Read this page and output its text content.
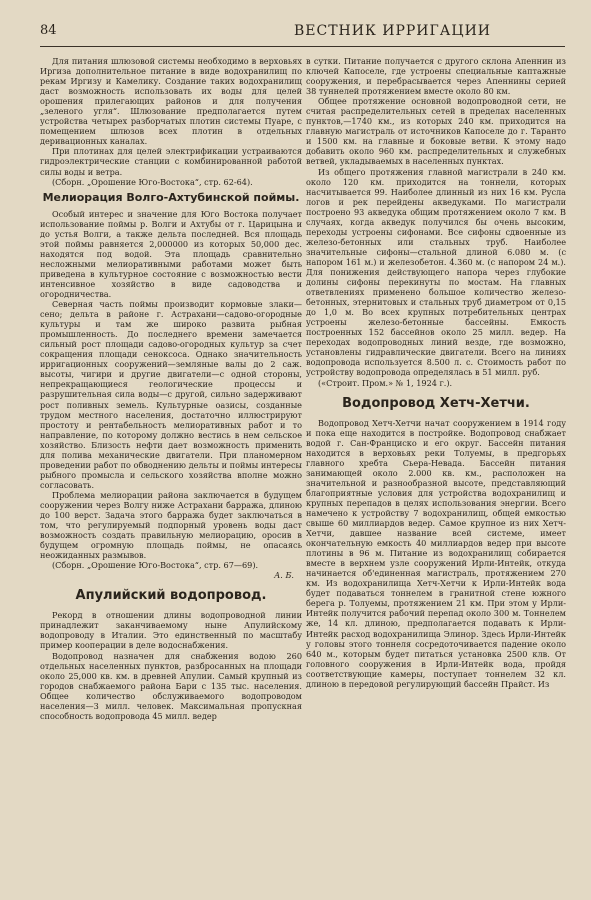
84	ВЕСТНИК ИРРИГАЦИИ

Для питания шлюзовой системы необходимо в верховьях Иргиза дополнительное питание в виде водохранилищ по рекам Иргизу и Камелику. Создание таких водохранилищ даст возможность использовать их воды для целей орошения прилегающих районов и для получения „зеленого угля“. Шлюзование предполагается путем устройства четырех разборчатых плотин системы Пуаре, с помещением шлюзов всех плотин в отдельных деривационных каналах.

При плотинах для целей электрификации устраиваются гидроэлектрические станции с комбинированной работой силы воды и ветра.

(Сборн. „Орошение Юго-Востока“, стр. 62-64).

Мелиорация Волго-Ахтубинской поймы.

Особый интерес и значение для Юго Востока получает использование поймы р. Волги и Ахтубы от г. Царицына и до устья Волги, а также дельта последней. Вся площадь этой поймы равняется 2,000000 из которых 50,000 дес. находятся под водой. Эта площадь сравнительно несложными мелиоративными работами может быть приведена в культурное состояние с возможностью вести интенсивное хозяйство в виде садоводства и огородничества.

Северная часть поймы производит кормовые злаки—сено; дельта в районе г. Астрахани—садово-огородные культуры и там же широко развита рыбная промышленность. До последнего времени замечается сильный рост площади садово-огородных культур за счет сокращения площади сеноксоса. Однако значительность ирригационных сооружений—земляные валы до 2 саж. высоты, чигири и другие двигатели—с одной стороны, непрекращающиеся геологические процессы и разрушительная сила воды—с другой, сильно задерживают рост поливных земель. Культурные оазисы, созданные трудом местного населения, достаточно иллюстрируют простоту и рентабельность мелиоративных работ и то направление, по которому должно вестись в нем сельское хозяйство. Близость нефти дает возможность применить для полива механические двигатели. При планомерном проведении работ по обводнению дельты и поймы интересы рыбного промысла и сельского хозяйства вполне можно согласовать.

Проблема мелиорации района заключается в будущем сооружении через Волгу ниже Астрахани барража, длиною до 100 верст. Задача этого барража будет заключаться в том, что регулируемый подпорный уровень воды даст возможность создать правильную мелиорацию, оросив в будущем огромную площадь поймы, не опасаясь неожиданных размывов.

(Сборн. „Орошение Юго-Востока“, стр. 67—69).

А. Б.

Апулийский водопровод.

Рекорд в отношении длины водопроводной линии принадлежит заканчиваемому ныне Апулийскому водопроводу в Италии. Это единственный по масштабу пример кооперации в деле водоснабжения.

Водопровод назначен для снабжения водою 260 отдельных населенных пунктов, разбросанных на площади около 25,000 кв. км. в древней Апулии. Самый крупный из городов снабжаемого района Бари с 135 тыс. населения. Общее количество обслуживаемого водопроводом населения—3 милл. человек. Максимальная пропускная способность водопровода 45 милл. ведер

в сутки. Питание получается с другого склона Апеннин из ключей Капоселе, где устроены специальные каптажные сооружения, и перебрасывается через Апеннины серией 38 туннелей протяжением вместе около 80 км.

Общее протяжение основной водопроводной сети, не считая распределительных сетей в пределах населенных пунктов,—1740 км., из которых 240 км. приходится на главную магистраль от источников Капоселе до г. Таранто и 1500 км. на главные и боковые ветви. К этому надо добавить около 960 км. распределительных и служебных ветвей, укладываемых в населенных пунктах.

Из общего протяжения главной магистрали в 240 км. около 120 км. приходится на тоннели, которых насчитывается 99. Наиболее длинный из них 16 км. Русла логов и рек перейдены акведуками. По магистрали построено 93 акведука общим протяжением около 7 км. В случаях, когда акведук получился бы очень высоким, переходы устроены сифонами. Все сифоны сдвоенные из железо-бетонных или стальных труб. Наиболее значительные сифоны—стальной длиной 6.080 м. (с напором 161 м.) и железобетон. 4.360 м. (с напором 24 м.). Для понижения действующего напора через глубокие долины сифоны перекинуты по мостам. На главных ответвлениях применено большое количество железо-бетонных, этернитовых и стальных труб диаметром от 0,15 до 1,0 м. Во всех крупных потребительных центрах устроены железо-бетонные бассейны. Емкость построенных 152 бассейнов около 25 милл. ведер. На переходах водопроводных линий везде, где возможно, установлены гидравлические двигатели. Всего на линиях водопровода используется 8.500 л. с. Стоимость работ по устройству водопровода определялась в 51 милл. руб.

(«Строит. Пром.» № 1, 1924 г.).

Водопровод Хетч-Хетчи.

Водопровод Хетч-Хетчи начат сооружением в 1914 году и пока еще находится в постройке. Водопровод снабжает водой г. Сан-Франциско и его округ. Бассейн питания находится в верховьях реки Толуемы, в предгорьях главного хребта Сьера-Невада. Бассейн питания занимающей около 2.000 кв. км., расположен на значительной и разнообразной высоте, представляющий благоприятные условия для устройства водохранилищ и крупных перепадов в целях использования энергии. Всего намечено к устройству 7 водохранилищ, общей емкостью свыше 60 миллиардов ведер. Самое крупное из них Хетч-Хетчи, давшее название всей системе, имеет окончательную емкость 40 миллиардов ведер при высоте плотины в 96 м. Питание из водохранилищ собирается вместе в верхнем узле сооружений Ирли-Интейк, откуда начинается об'единенная магистраль, протяжением 270 км. Из водохранилища Хетч-Хетчи к Ирли-Интейк вода будет подаваться тоннелем в гранитной стене южного берега р. Толуемы, протяжением 21 км. При этом у Ирли-Интейк получится рабочий перепад около 300 м. Тоннелем же, 14 кл. длиною, предполагается подавать к Ирли-Интейк расход водохранилища Элинор. Здесь Ирли-Интейк у головы этого тоннеля сосредоточивается падение около 640 м., которым будет питаться установка 2500 клв. От головного сооружения в Ирли-Интейк вода, пройдя соответствующие камеры, поступает тоннелем 32 кл. длиною в передовой регулирующий бассейн Прайст. Из
